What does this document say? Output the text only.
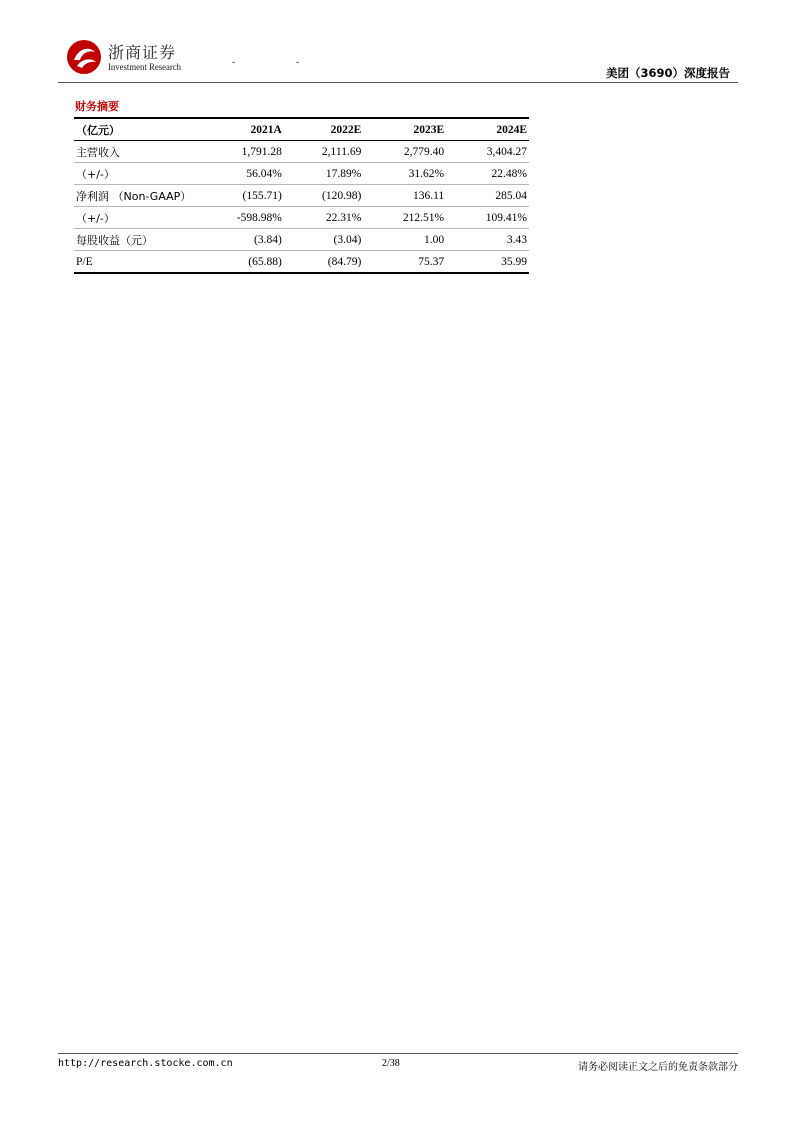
浙商证券
Investment Research	-	-
美团（3690）深度报告
财务摘要
（亿元）	2021A	2022E	2023E	2024E
主营收入	1,791.28	2,111.69	2,779.40	3,404.27
（+/-）	56.04%	17.89%	31.62%	22.48%
净利润 （Non-GAAP）	(155.71)	(120.98)	136.11	285.04
（+/-）	-598.98%	22.31%	212.51%	109.41%
每股收益（元）	(3.84)	(3.04)	1.00	3.43
P/E	(65.88)	(84.79)	75.37	35.99
http://research.stocke.com.cn	2/38	请务必阅读正文之后的免责条款部分
